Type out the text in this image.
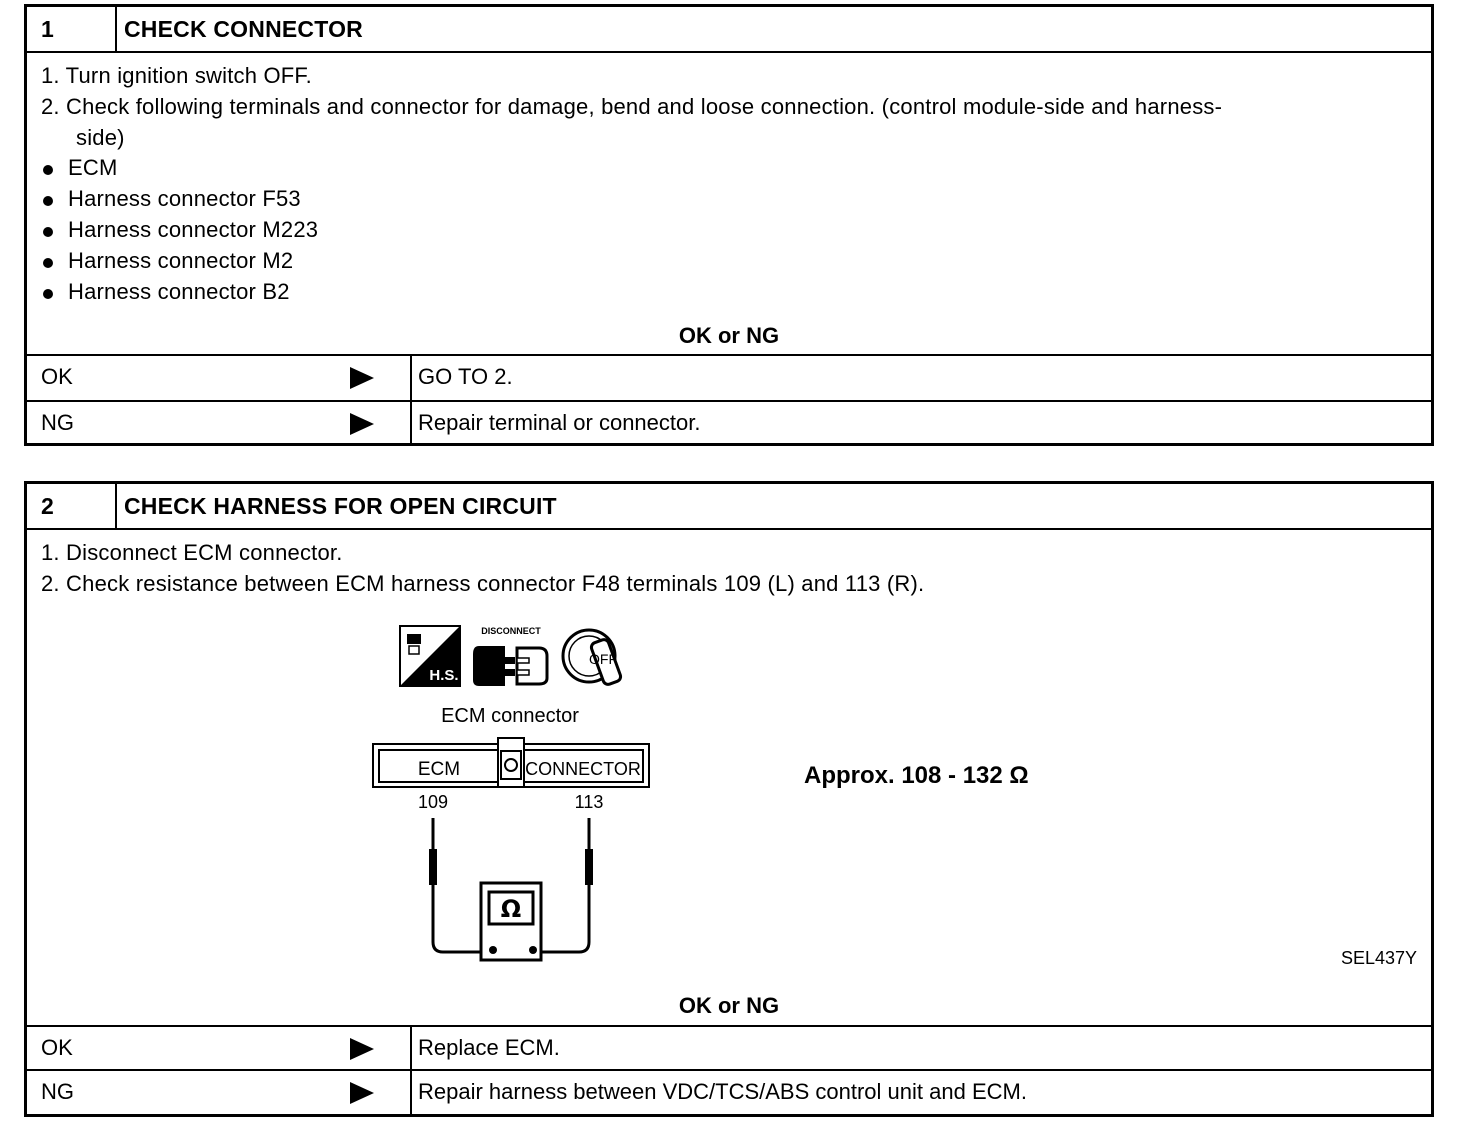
1	CHECK CONNECTOR
1. Turn ignition switch OFF.
2. Check following terminals and connector for damage, bend and loose connection. (control module-side and harness-
side)
ECM
Harness connector F53
Harness connector M223
Harness connector M2
Harness connector B2
OK or NG
OK	GO TO 2.
NG	Repair terminal or connector.
2	CHECK HARNESS FOR OPEN CIRCUIT
1. Disconnect ECM connector.
2. Check resistance between ECM harness connector F48 terminals 109 (L) and 113 (R).
H.S.
DISCONNECT
OFF
ECM connector
ECM	CONNECTOR
109	113
Ω
Approx. 108 - 132 Ω
SEL437Y
OK or NG
OK	Replace ECM.
NG	Repair harness between VDC/TCS/ABS control unit and ECM.
